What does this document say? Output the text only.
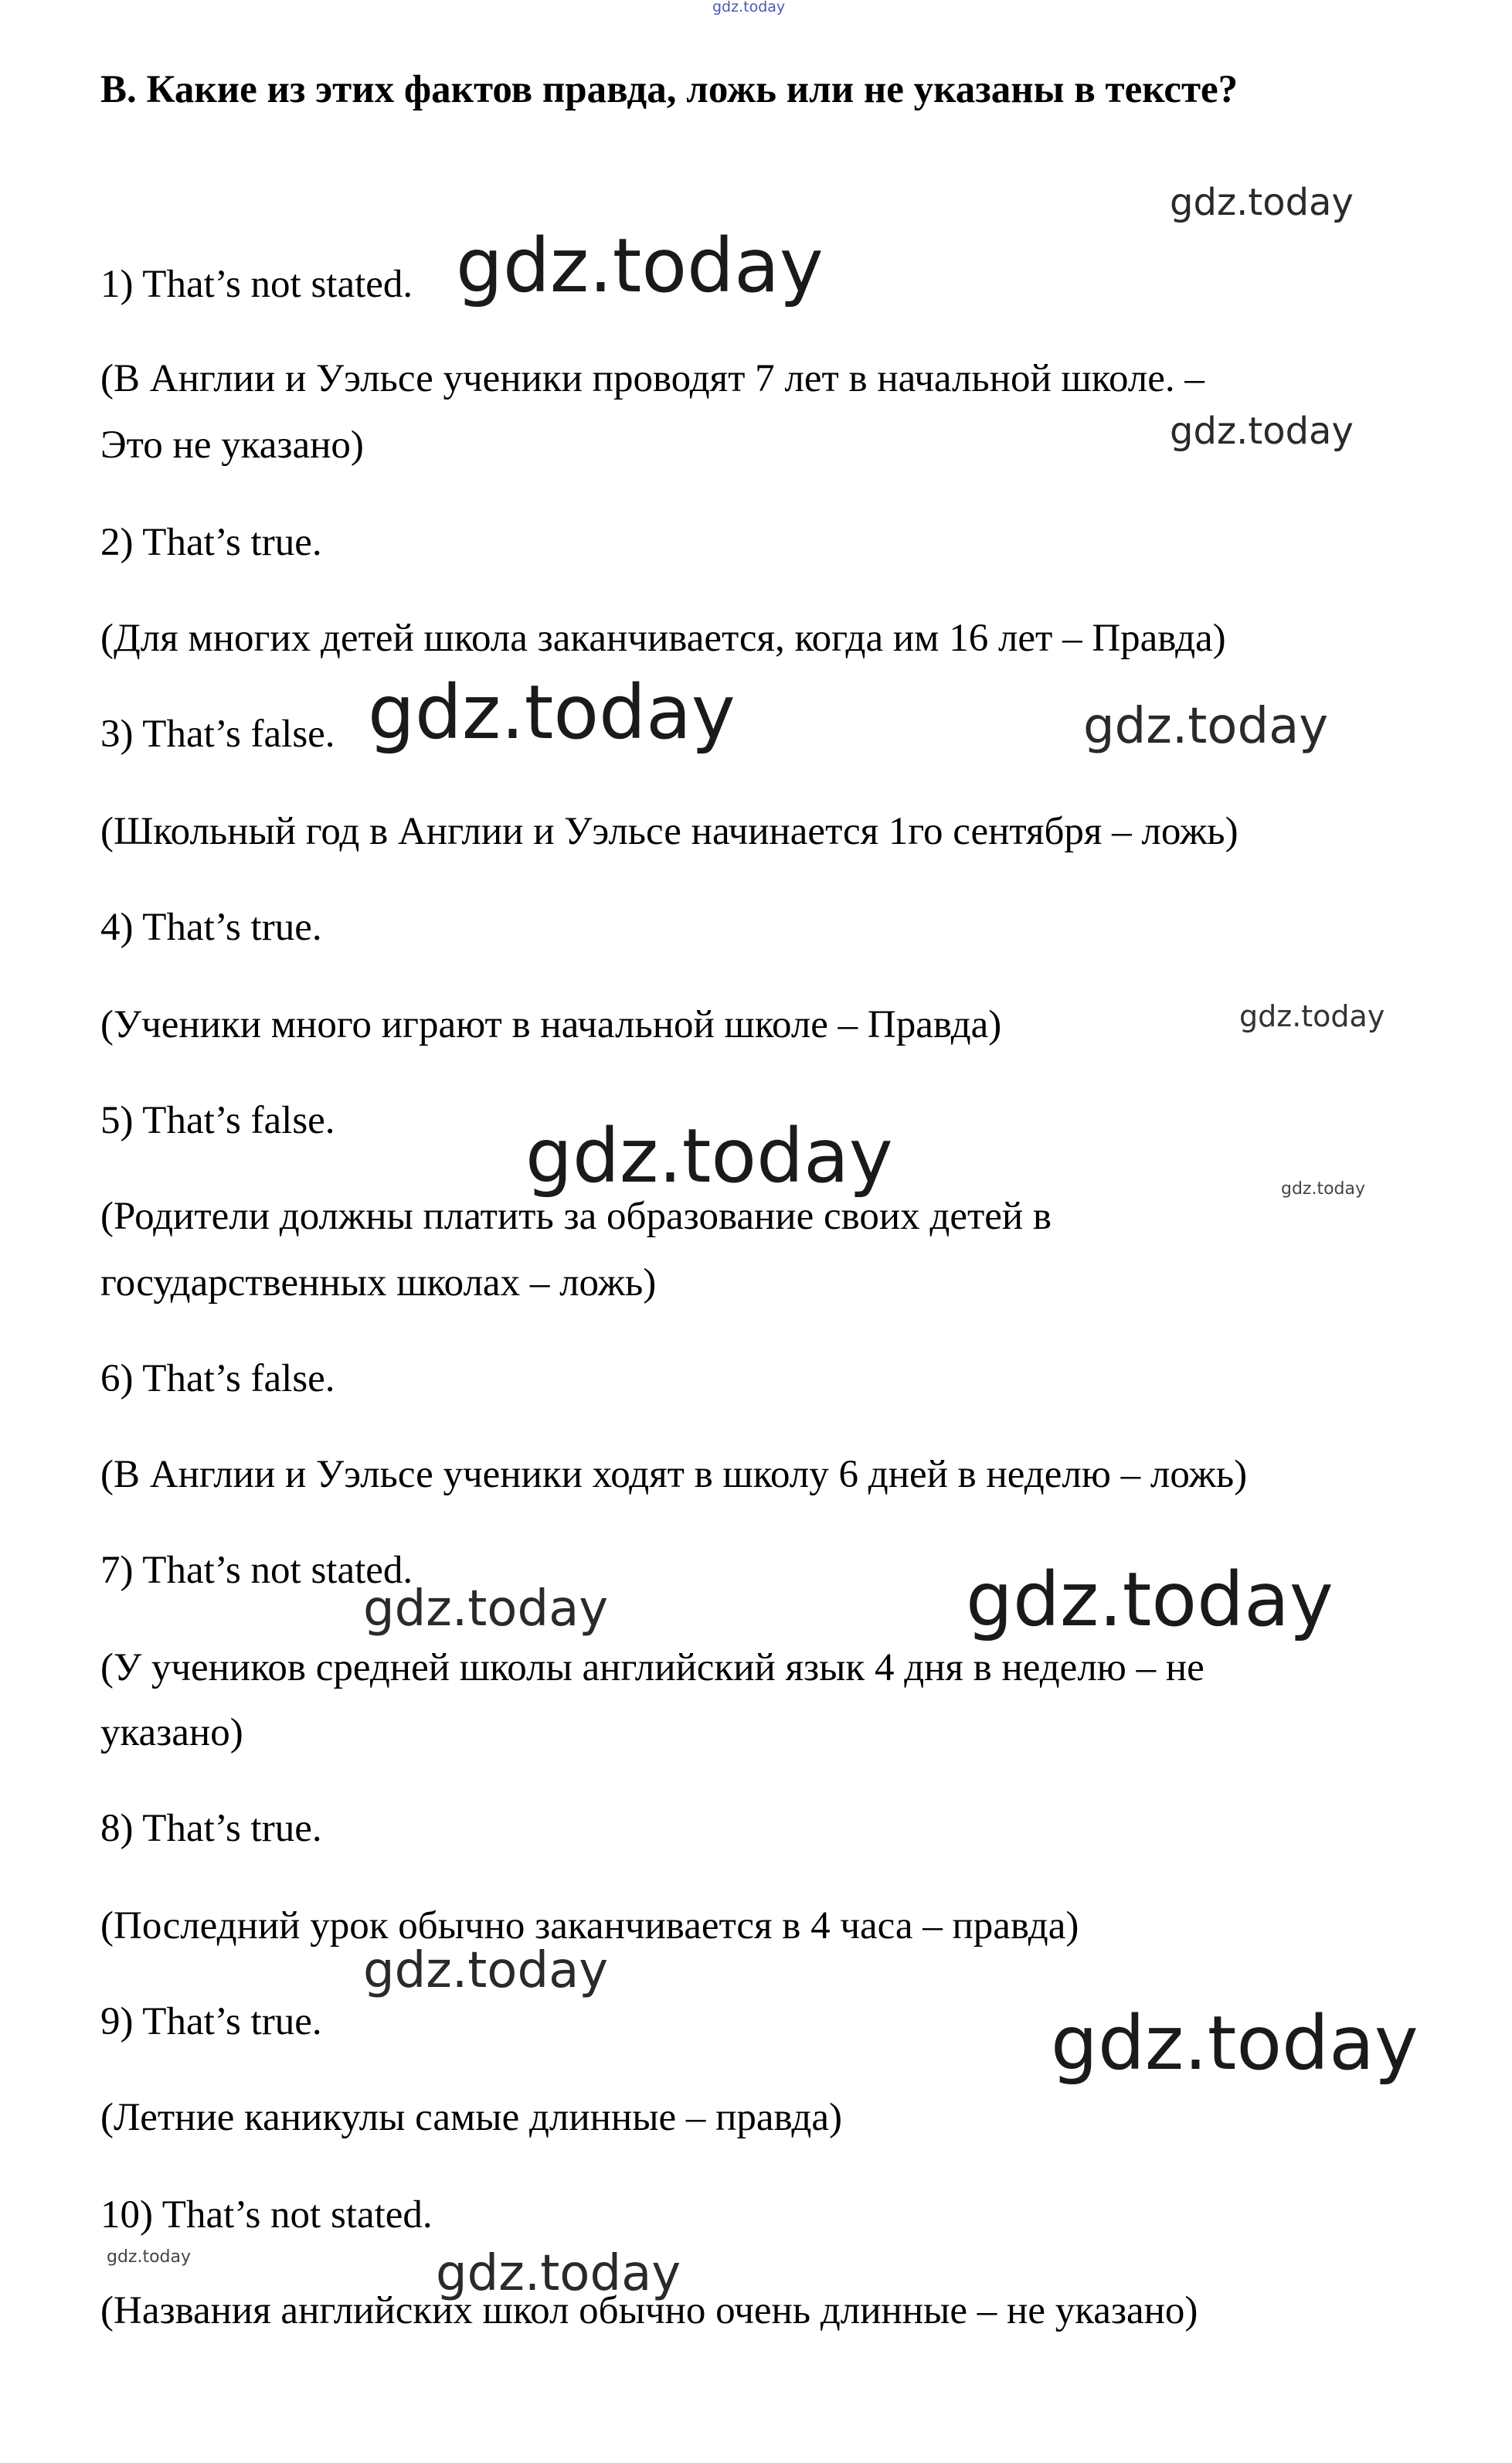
gdz.today
gdz.today
gdz.today
gdz.today
gdz.today	gdz.today
gdz.today
gdz.today	gdz.today
gdz.today	gdz.today
gdz.today
gdz.today
gdz.today	gdz.today
B. Какие из этих фактов правда, ложь или не указаны в тексте?
1) That’s not stated.
(В Англии и Уэльсе ученики проводят 7 лет в начальной школе. –
Это не указано)
2) That’s true.
(Для многих детей школа заканчивается, когда им 16 лет – Правда)
3) That’s false.
(Школьный год в Англии и Уэльсе начинается 1го сентября – ложь)
4) That’s true.
(Ученики много играют в начальной школе – Правда)
5) That’s false.
(Родители должны платить за образование своих детей в
государственных школах – ложь)
6) That’s false.
(В Англии и Уэльсе ученики ходят в школу 6 дней в неделю – ложь)
7) That’s not stated.
(У учеников средней школы английский язык 4 дня в неделю – не
указано)
8) That’s true.
(Последний урок обычно заканчивается в 4 часа – правда)
9) That’s true.
(Летние каникулы самые длинные – правда)
10) That’s not stated.
(Названия английских школ обычно очень длинные – не указано)
